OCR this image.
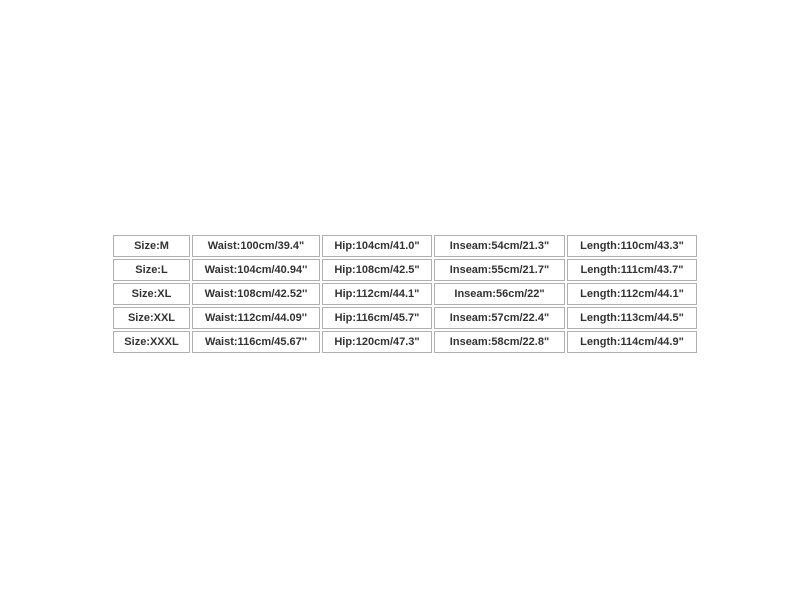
Size:M	Waist:100cm/39.4"	Hip:104cm/41.0"	Inseam:54cm/21.3"	Length:110cm/43.3"
Size:L	Waist:104cm/40.94''	Hip:108cm/42.5"	Inseam:55cm/21.7"	Length:111cm/43.7"
Size:XL	Waist:108cm/42.52''	Hip:112cm/44.1"	Inseam:56cm/22"	Length:112cm/44.1"
Size:XXL	Waist:112cm/44.09''	Hip:116cm/45.7"	Inseam:57cm/22.4"	Length:113cm/44.5"
Size:XXXL	Waist:116cm/45.67''	Hip:120cm/47.3"	Inseam:58cm/22.8"	Length:114cm/44.9"
